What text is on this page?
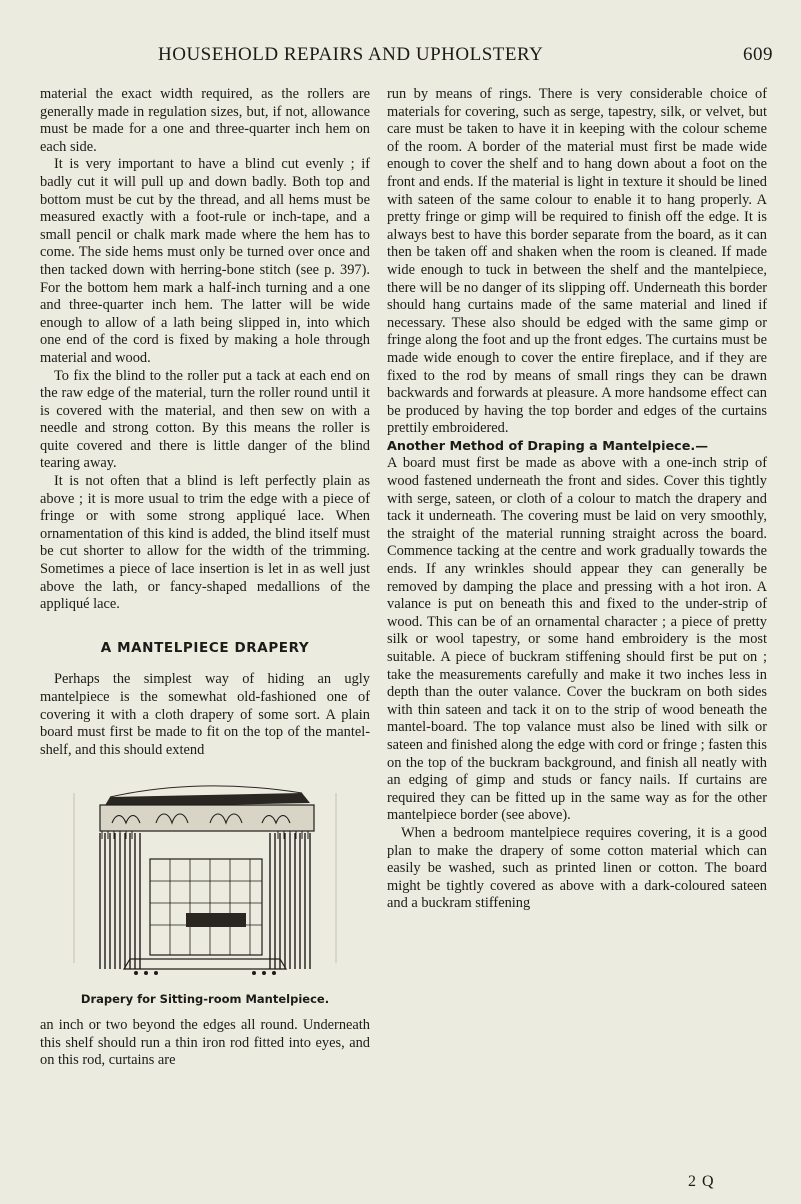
HOUSEHOLD REPAIRS AND UPHOLSTERY	609

material the exact width required, as the rollers are generally made in regulation sizes, but, if not, allowance must be made for a one and three-quarter inch hem on each side.

It is very important to have a blind cut evenly ; if badly cut it will pull up and down badly. Both top and bottom must be cut by the thread, and all hems must be measured exactly with a foot-rule or inch-tape, and a small pencil or chalk mark made where the hem has to come. The side hems must only be turned over once and then tacked down with herring-bone stitch (see p. 397). For the bottom hem mark a half-inch turning and a one and three-quarter inch hem. The latter will be wide enough to allow of a lath being slipped in, into which one end of the cord is fixed by making a hole through material and wood.

To fix the blind to the roller put a tack at each end on the raw edge of the material, turn the roller round until it is covered with the material, and then sew on with a needle and strong cotton. By this means the roller is quite covered and there is little danger of the blind tearing away.

It is not often that a blind is left perfectly plain as above ; it is more usual to trim the edge with a piece of fringe or with some strong appliqué lace. When ornamentation of this kind is added, the blind itself must be cut shorter to allow for the width of the trimming. Sometimes a piece of lace insertion is let in as well just above the lath, or fancy-shaped medallions of the appliqué lace.

A MANTELPIECE DRAPERY

Perhaps the simplest way of hiding an ugly mantelpiece is the somewhat old-fashioned one of covering it with a cloth drapery of some sort. A plain board must first be made to fit on the top of the mantel-shelf, and this should extend

Drapery for Sitting-room Mantelpiece.

an inch or two beyond the edges all round. Underneath this shelf should run a thin iron rod fitted into eyes, and on this rod, curtains are

run by means of rings. There is very considerable choice of materials for covering, such as serge, tapestry, silk, or velvet, but care must be taken to have it in keeping with the colour scheme of the room. A border of the material must first be made wide enough to cover the shelf and to hang down about a foot on the front and ends. If the material is light in texture it should be lined with sateen of the same colour to enable it to hang properly. A pretty fringe or gimp will be required to finish off the edge. It is always best to have this border separate from the board, as it can then be taken off and shaken when the room is cleaned. If made wide enough to tuck in between the shelf and the mantelpiece, there will be no danger of its slipping off. Underneath this border should hang curtains made of the same material and lined if necessary. These also should be edged with the same gimp or fringe along the foot and up the front edges. The curtains must be made wide enough to cover the entire fireplace, and if they are fixed to the rod by means of small rings they can be drawn backwards and forwards at pleasure. A more handsome effect can be produced by having the top border and edges of the curtains prettily embroidered.

Another Method of Draping a Mantelpiece.—

A board must first be made as above with a one-inch strip of wood fastened underneath the front and sides. Cover this tightly with serge, sateen, or cloth of a colour to match the drapery and tack it underneath. The covering must be laid on very smoothly, the straight of the material running straight across the board. Commence tacking at the centre and work gradually towards the ends. If any wrinkles should appear they can generally be removed by damping the place and pressing with a hot iron. A valance is put on beneath this and fixed to the under-strip of wood. This can be of an ornamental character ; a piece of pretty silk or wool tapestry, or some hand embroidery is the most suitable. A piece of buckram stiffening should first be put on ; take the measurements carefully and make it two inches less in depth than the outer valance. Cover the buckram on both sides with thin sateen and tack it on to the strip of wood beneath the mantel-board. The top valance must also be lined with silk or sateen and finished along the edge with cord or fringe ; fasten this on the top of the buckram background, and finish all neatly with an edging of gimp and studs or fancy nails. If curtains are required they can be fitted up in the same way as for the other mantelpiece border (see above).

When a bedroom mantelpiece requires covering, it is a good plan to make the drapery of some cotton material which can easily be washed, such as printed linen or cotton. The board might be tightly covered as above with a dark-coloured sateen and a buckram stiffening

2 Q
